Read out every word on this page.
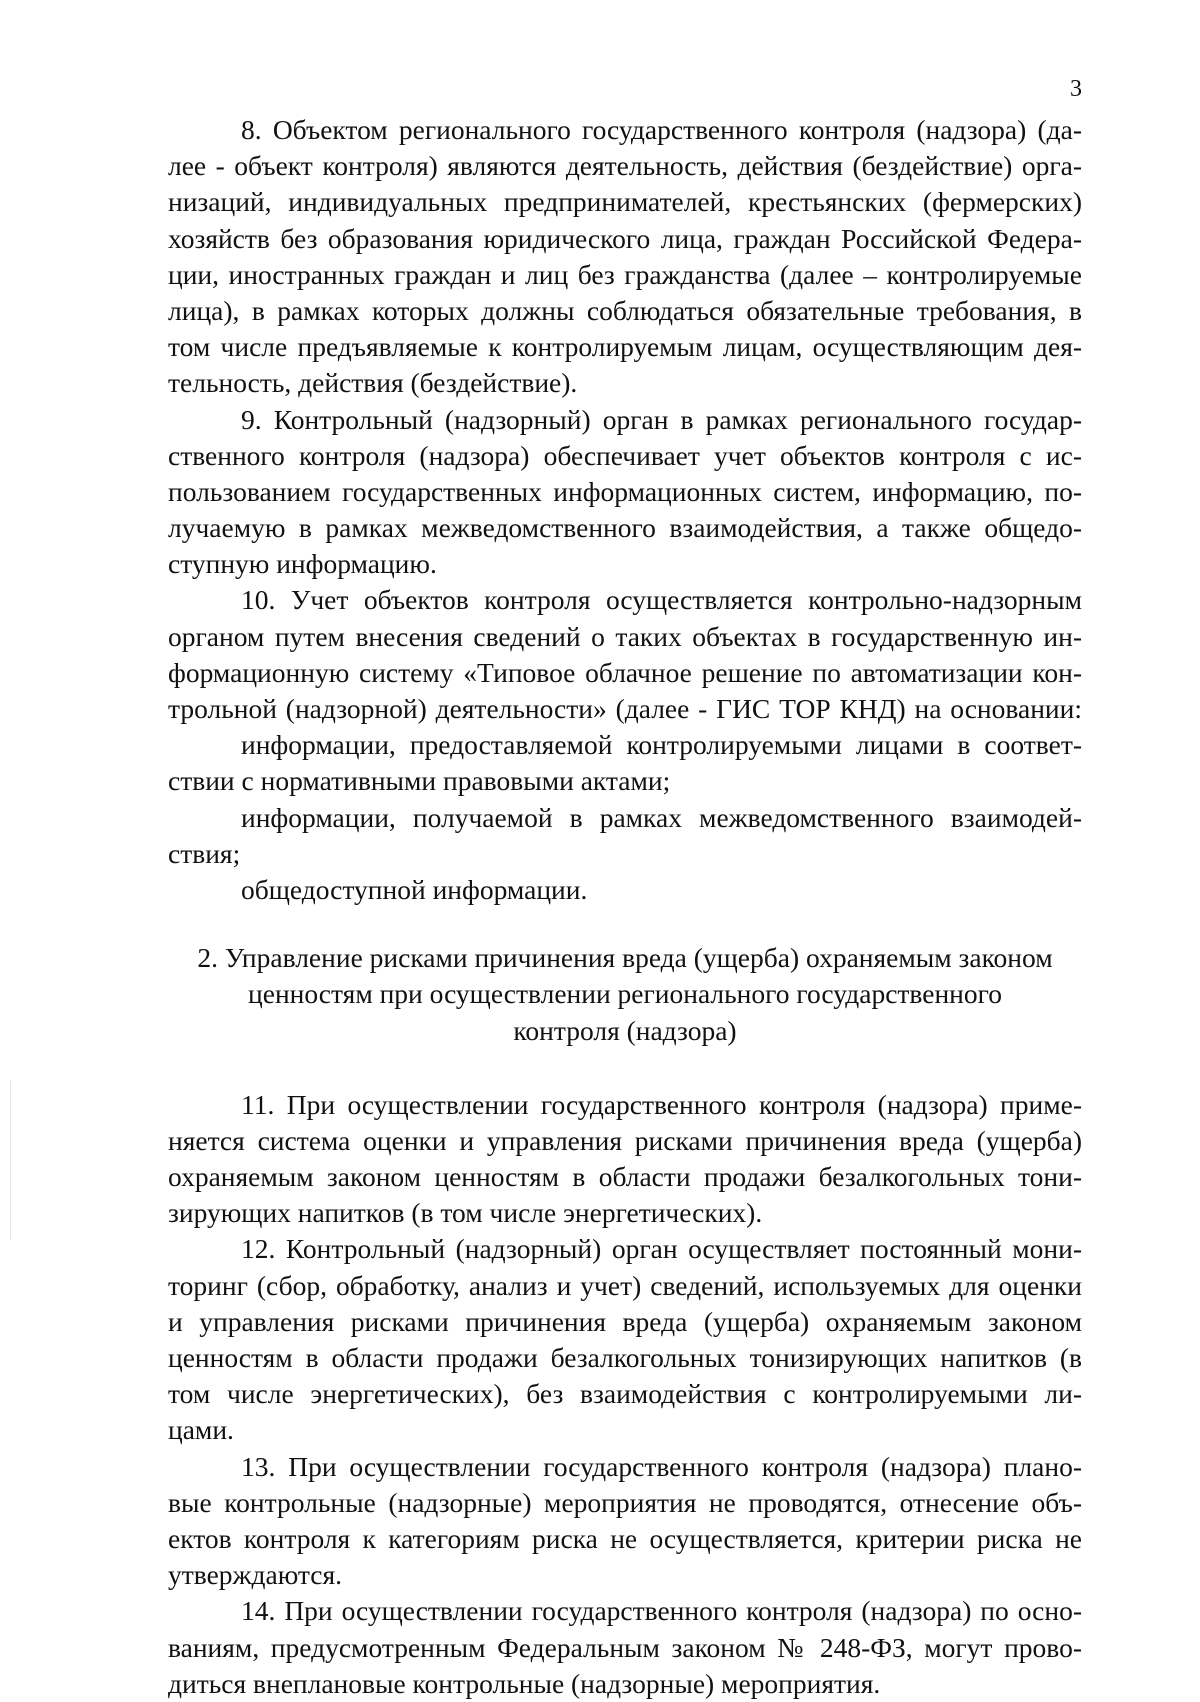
3
8. Объектом регионального государственного контроля (надзора) (да-
лее - объект контроля) являются деятельность, действия (бездействие) орга-
низаций, индивидуальных предпринимателей, крестьянских (фермерских)
хозяйств без образования юридического лица, граждан Российской Федера-
ции, иностранных граждан и лиц без гражданства (далее – контролируемые
лица), в рамках которых должны соблюдаться обязательные требования, в
том числе предъявляемые к контролируемым лицам, осуществляющим дея-
тельность, действия (бездействие).
9. Контрольный (надзорный) орган в рамках регионального государ-
ственного контроля (надзора) обеспечивает учет объектов контроля с ис-
пользованием государственных информационных систем, информацию, по-
лучаемую в рамках межведомственного взаимодействия, а также общедо-
ступную информацию.
10. Учет объектов контроля осуществляется контрольно-надзорным
органом путем внесения сведений о таких объектах в государственную ин-
формационную систему «Типовое облачное решение по автоматизации кон-
трольной (надзорной) деятельности» (далее - ГИС ТОР КНД) на основании:
информации, предоставляемой контролируемыми лицами в соответ-
ствии с нормативными правовыми актами;
информации, получаемой в рамках межведомственного взаимодей-
ствия;
общедоступной информации.
2. Управление рисками причинения вреда (ущерба) охраняемым законом
ценностям при осуществлении регионального государственного
контроля (надзора)
11. При осуществлении государственного контроля (надзора) приме-
няется система оценки и управления рисками причинения вреда (ущерба)
охраняемым законом ценностям в области продажи безалкогольных тони-
зирующих напитков (в том числе энергетических).
12. Контрольный (надзорный) орган осуществляет постоянный мони-
торинг (сбор, обработку, анализ и учет) сведений, используемых для оценки
и управления рисками причинения вреда (ущерба) охраняемым законом
ценностям в области продажи безалкогольных тонизирующих напитков (в
том числе энергетических), без взаимодействия с контролируемыми ли-
цами.
13. При осуществлении государственного контроля (надзора) плано-
вые контрольные (надзорные) мероприятия не проводятся, отнесение объ-
ектов контроля к категориям риска не осуществляется, критерии риска не
утверждаются.
14. При осуществлении государственного контроля (надзора) по осно-
ваниям, предусмотренным Федеральным законом № 248-ФЗ, могут прово-
диться внеплановые контрольные (надзорные) мероприятия.
